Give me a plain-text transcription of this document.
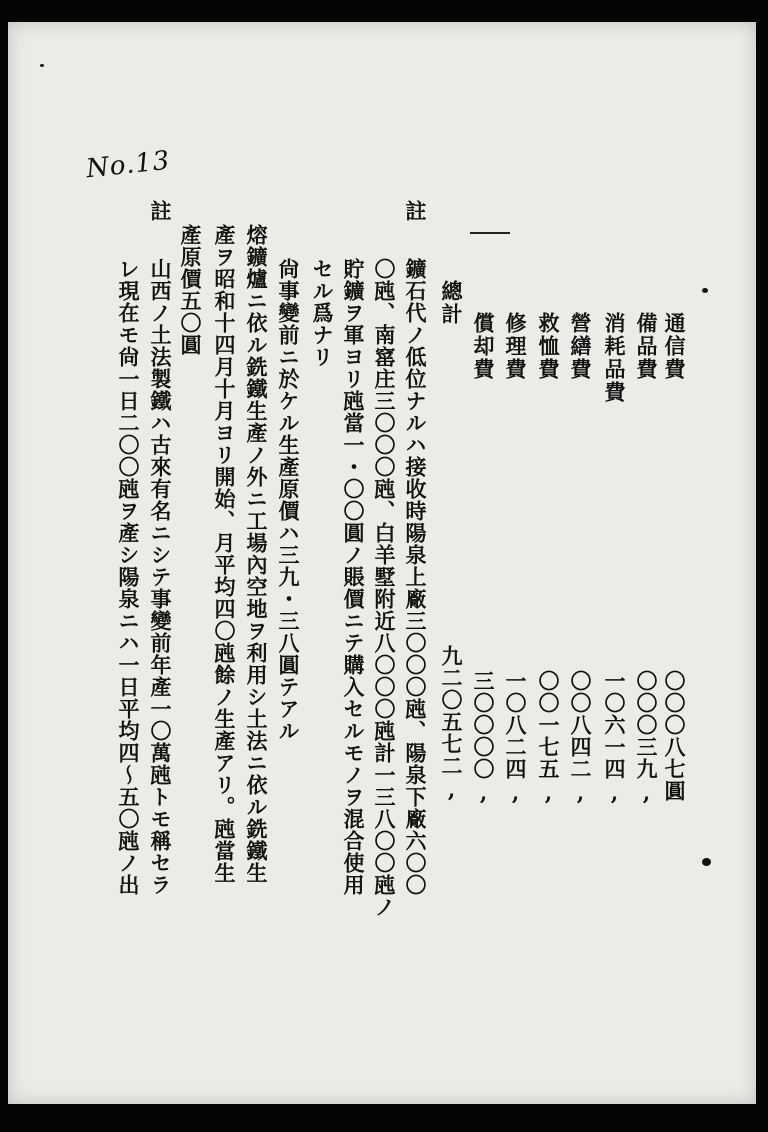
No.13
註
通信費
備品費
消耗品費
營繕費
救恤費
修理費
償却費
總計
〇〇〇八七圓
〇〇〇三九,
一〇六一四,
〇〇八四二,
〇〇一七五,
一〇八二四,
三〇〇〇〇,
九二〇五七二,
鑛石代ノ低位ナルハ接收時陽泉上廠三〇〇〇瓲、陽泉下廠六〇〇
〇瓲、南窰庄三〇〇〇瓲、白羊墅附近八〇〇〇瓲計一三八〇〇瓲ノ
貯鑛ヲ軍ヨリ瓲當一・〇〇圓ノ賬價ニテ購入セルモノヲ混合使用
セル爲ナリ
尙事變前ニ於ケル生產原價ハ三九・三八圓テアル
熔鑛爐ニ依ル銑鐵生產ノ外ニ工場內空地ヲ利用シ土法ニ依ル銑鐵生
產ヲ昭和十四月十月ヨリ開始、月平均四〇瓲餘ノ生產アリ。瓲當生
產原價五〇圓
註
山西ノ土法製鐵ハ古來有名ニシテ事變前年產一〇萬瓲トモ稱セラ
レ現在モ尙一日二〇〇瓲ヲ產シ陽泉ニハ一日平均四〜五〇瓲ノ出
